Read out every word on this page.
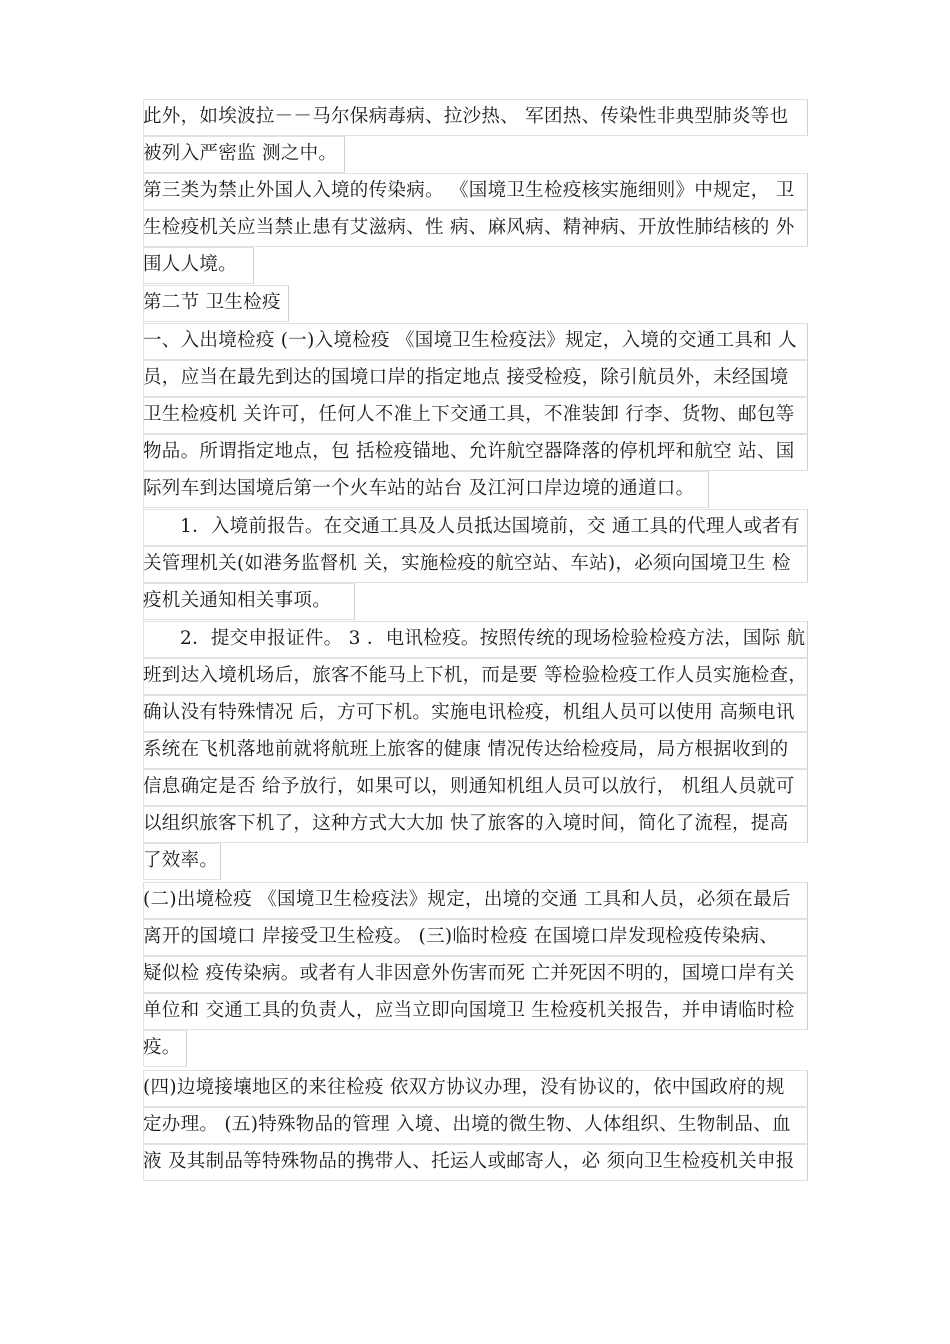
此外，如埃波拉－－马尔保病毒病、拉沙热、 军团热、传染性非典型肺炎等也
被列入严密监 测之中。
第三类为禁止外国人入境的传染病。 《国境卫生检疫核实施细则》中规定， 卫
生检疫机关应当禁止患有艾滋病、性 病、麻风病、精神病、开放性肺结核的 外
围人人境。
第二节 卫生检疫
一、入出境检疫 (一)入境检疫 《国境卫生检疫法》规定，入境的交通工具和 人
员，应当在最先到达的国境口岸的指定地点 接受检疫，除引航员外，未经国境
卫生检疫机 关许可，任何人不准上下交通工具，不准装卸 行李、货物、邮包等
物品。所谓指定地点，包 括检疫锚地、允许航空器降落的停机坪和航空 站、国
际列车到达国境后第一个火车站的站台 及江河口岸边境的通道口。
1．入境前报告。在交通工具及人员抵达国境前，交 通工具的代理人或者有
关管理机关(如港务监督机 关，实施检疫的航空站、车站)，必须向国境卫生 检
疫机关通知相关事项。
2．提交申报证件。 3 ．电讯检疫。按照传统的现场检验检疫方法，国际 航
班到达入境机场后，旅客不能马上下机，而是要 等检验检疫工作人员实施检查，
确认没有特殊情况 后，方可下机。实施电讯检疫，机组人员可以使用 高频电讯
系统在飞机落地前就将航班上旅客的健康 情况传达给检疫局，局方根据收到的
信息确定是否 给予放行，如果可以，则通知机组人员可以放行， 机组人员就可
以组织旅客下机了，这种方式大大加 快了旅客的入境时间，简化了流程，提高
了效率。
(二)出境检疫 《国境卫生检疫法》规定，出境的交通 工具和人员，必须在最后
离开的国境口 岸接受卫生检疫。 (三)临时检疫 在国境口岸发现检疫传染病、
疑似检 疫传染病。或者有人非因意外伤害而死 亡并死因不明的，国境口岸有关
单位和 交通工具的负责人，应当立即向国境卫 生检疫机关报告，并申请临时检
疫。
(四)边境接壤地区的来往检疫 依双方协议办理，没有协议的，依中国政府的规
定办理。 (五)特殊物品的管理 入境、出境的微生物、人体组织、生物制品、血
液 及其制品等特殊物品的携带人、托运人或邮寄人，必 须向卫生检疫机关申报
